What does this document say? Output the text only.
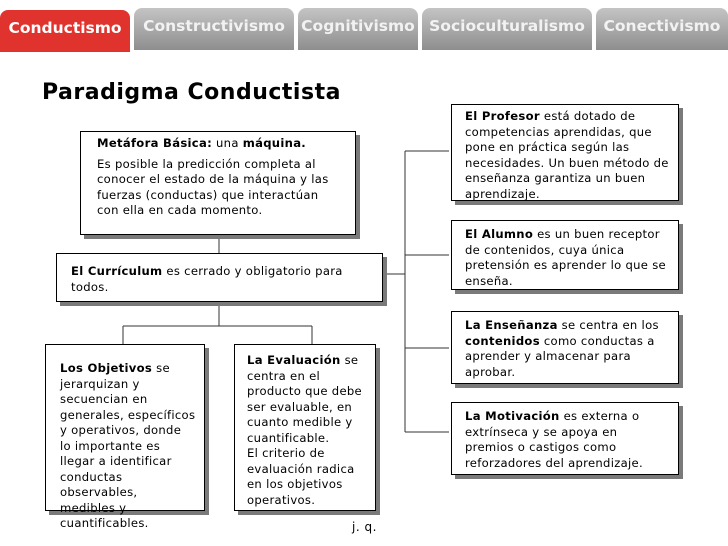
Conductismo	Constructivismo	Cognitivismo Socioculturalismo	Conectivismo
Paradigma Conductista

Metáfora Básica: una máquina.

Es posible la predicción completa al conocer el estado de la máquina y las fuerzas (conductas) que interactúan con ella en cada momento.

El Currículum es cerrado y obligatorio para todos.

Los Objetivos se jerarquizan y secuencian en generales, específicos y operativos, donde lo importante es llegar a identificar conductas observables, medibles y cuantificables.

La Evaluación se centra en el producto que debe ser evaluable, en cuanto medible y cuantificable.

El criterio de evaluación radica en los objetivos operativos.

El Profesor está dotado de competencias aprendidas, que pone en práctica según las necesidades. Un buen método de enseñanza garantiza un buen aprendizaje.

El Alumno es un buen receptor de contenidos, cuya única pretensión es aprender lo que se enseña.

La Enseñanza se centra en los contenidos como conductas a aprender y almacenar para aprobar.

La Motivación es externa o extrínseca y se apoya en premios o castigos como reforzadores del aprendizaje.

j. q.
